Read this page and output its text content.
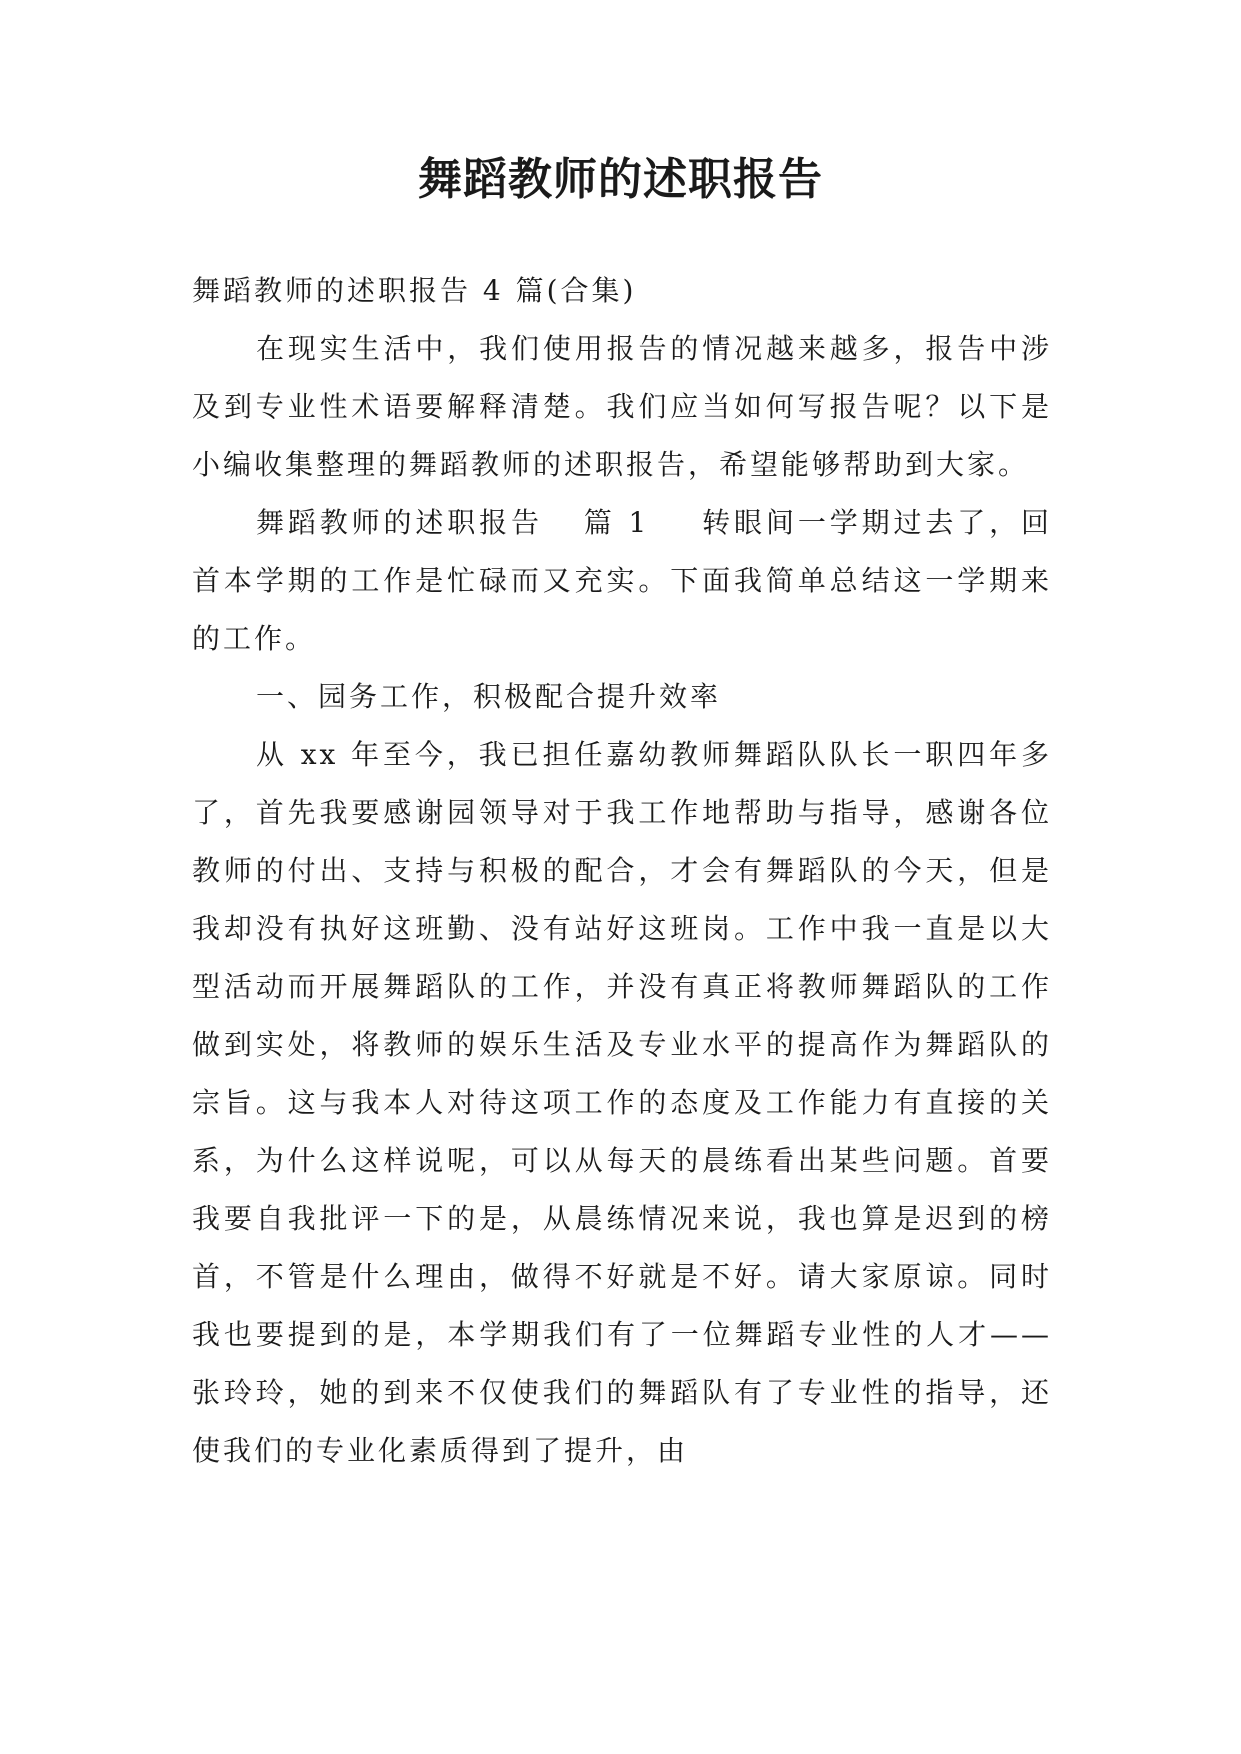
舞蹈教师的述职报告

舞蹈教师的述职报告 4 篇(合集)

在现实生活中，我们使用报告的情况越来越多，报告中涉及到专业性术语要解释清楚。我们应当如何写报告呢？以下是小编收集整理的舞蹈教师的述职报告，希望能够帮助到大家。

舞蹈教师的述职报告 篇 1 转眼间一学期过去了，回首本学期的工作是忙碌而又充实。下面我简单总结这一学期来的工作。

一、园务工作，积极配合提升效率

从 xx 年至今，我已担任嘉幼教师舞蹈队队长一职四年多了，首先我要感谢园领导对于我工作地帮助与指导，感谢各位教师的付出、支持与积极的配合，才会有舞蹈队的今天，但是我却没有执好这班勤、没有站好这班岗。工作中我一直是以大型活动而开展舞蹈队的工作，并没有真正将教师舞蹈队的工作做到实处，将教师的娱乐生活及专业水平的提高作为舞蹈队的宗旨。这与我本人对待这项工作的态度及工作能力有直接的关系，为什么这样说呢，可以从每天的晨练看出某些问题。首要我要自我批评一下的是，从晨练情况来说，我也算是迟到的榜首，不管是什么理由，做得不好就是不好。请大家原谅。同时我也要提到的是，本学期我们有了一位舞蹈专业性的人才——张玲玲，她的到来不仅使我们的舞蹈队有了专业性的指导，还使我们的专业化素质得到了提升，由
